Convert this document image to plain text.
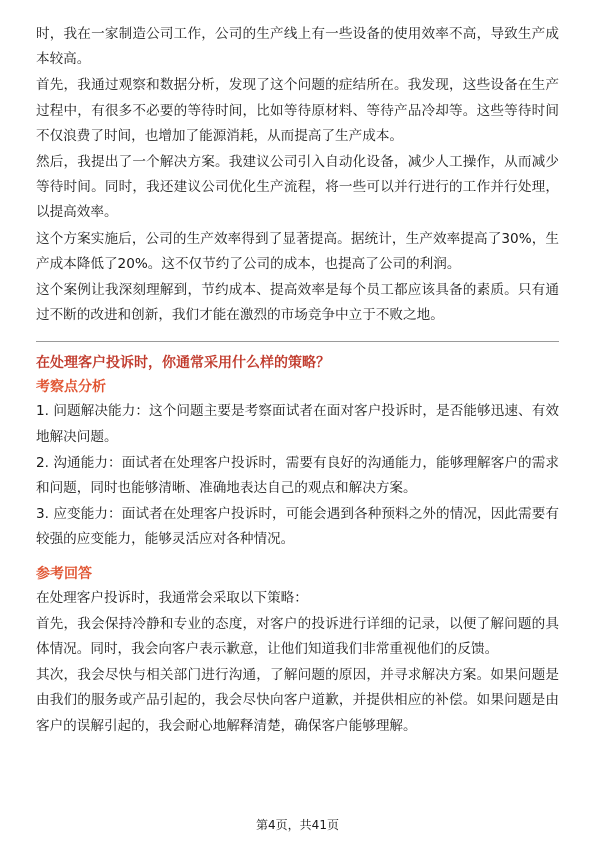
时，我在一家制造公司工作，公司的生产线上有一些设备的使用效率不高，导致生产成本较高。

首先，我通过观察和数据分析，发现了这个问题的症结所在。我发现，这些设备在生产过程中，有很多不必要的等待时间，比如等待原材料、等待产品冷却等。这些等待时间不仅浪费了时间，也增加了能源消耗，从而提高了生产成本。

然后，我提出了一个解决方案。我建议公司引入自动化设备，减少人工操作，从而减少等待时间。同时，我还建议公司优化生产流程，将一些可以并行进行的工作并行处理，以提高效率。

这个方案实施后，公司的生产效率得到了显著提高。据统计，生产效率提高了30%，生产成本降低了20%。这不仅节约了公司的成本，也提高了公司的利润。

这个案例让我深刻理解到，节约成本、提高效率是每个员工都应该具备的素质。只有通过不断的改进和创新，我们才能在激烈的市场竞争中立于不败之地。

在处理客户投诉时，你通常采用什么样的策略？

考察点分析

1. 问题解决能力：这个问题主要是考察面试者在面对客户投诉时，是否能够迅速、有效地解决问题。

2. 沟通能力：面试者在处理客户投诉时，需要有良好的沟通能力，能够理解客户的需求和问题，同时也能够清晰、准确地表达自己的观点和解决方案。

3. 应变能力：面试者在处理客户投诉时，可能会遇到各种预料之外的情况，因此需要有较强的应变能力，能够灵活应对各种情况。

参考回答

在处理客户投诉时，我通常会采取以下策略：

首先，我会保持冷静和专业的态度，对客户的投诉进行详细的记录，以便了解问题的具体情况。同时，我会向客户表示歉意，让他们知道我们非常重视他们的反馈。

其次，我会尽快与相关部门进行沟通，了解问题的原因，并寻求解决方案。如果问题是由我们的服务或产品引起的，我会尽快向客户道歉，并提供相应的补偿。如果问题是由客户的误解引起的，我会耐心地解释清楚，确保客户能够理解。

第4页，共41页
